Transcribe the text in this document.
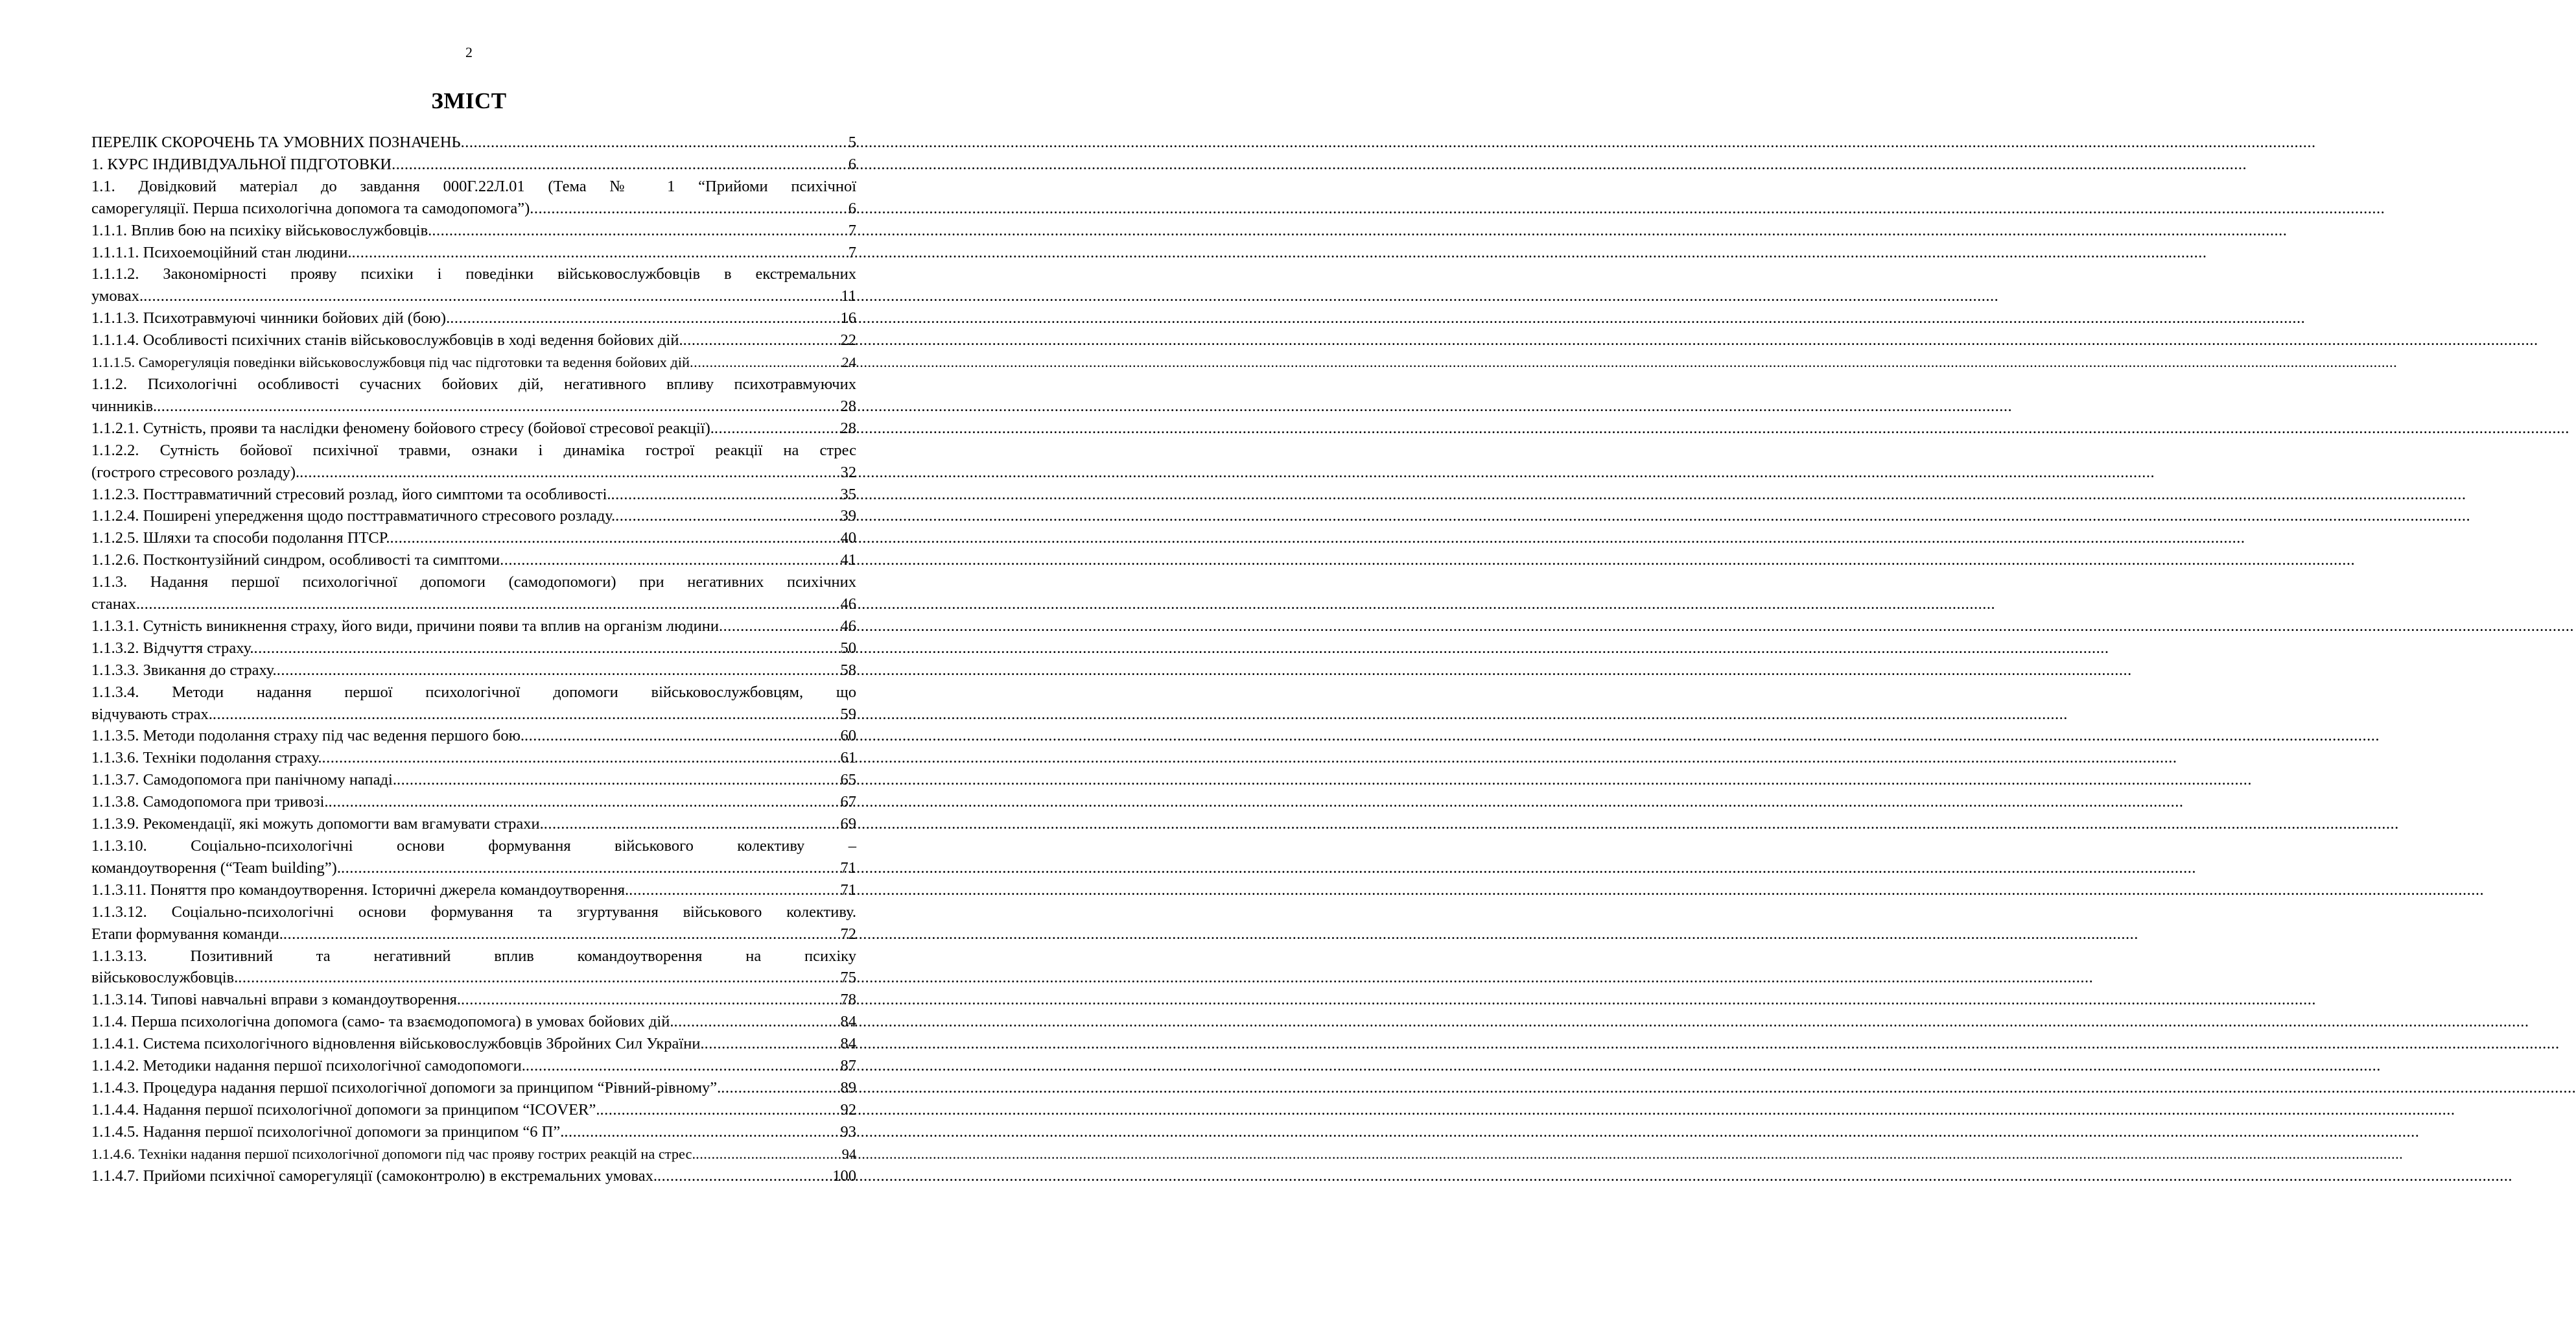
2
ЗМІСТ
ПЕРЕЛІК СКОРОЧЕНЬ ТА УМОВНИХ ПОЗНАЧЕНЬ .....	5
1. КУРС ІНДИВІДУАЛЬНОЇ ПІДГОТОВКИ .....	6
1.1. Довідковий матеріал до завдання 000Г.22Л.01 (Тема № 1 “Прийоми психічної
саморегуляції. Перша психологічна допомога та самодопомога”) .....	6
1.1.1. Вплив бою на психіку військовослужбовців. .....	7
1.1.1.1. Психоемоційний стан людини. .....	7
1.1.1.2. Закономірності прояву психіки і поведінки військовослужбовців в екстремальних
умовах. .....	11
1.1.1.3. Психотравмуючі чинники бойових дій (бою). .....	16
1.1.1.4. Особливості психічних станів військовослужбовців в ході ведення бойових дій. .....	22
1.1.1.5. Саморегуляція поведінки військовослужбовця під час підготовки та ведення бойових дій .....	24
1.1.2. Психологічні особливості сучасних бойових дій, негативного впливу психотравмуючих
чинників. .....	28
1.1.2.1. Сутність, прояви та наслідки феномену бойового стресу (бойової стресової реакції). .....	28
1.1.2.2. Сутність бойової психічної травми, ознаки і динаміка гострої реакції на стрес
(гострого стресового розладу). .....	32
1.1.2.3. Посттравматичний стресовий розлад, його симптоми та особливості. .....	35
1.1.2.4. Поширені упередження щодо посттравматичного стресового розладу. .....	39
1.1.2.5. Шляхи та способи подолання ПТСР. .....	40
1.1.2.6. Постконтузійний синдром, особливості та симптоми .....	41
1.1.3. Надання першої психологічної допомоги (самодопомоги) при негативних психічних
станах. .....	46
1.1.3.1. Сутність виникнення страху, його види, причини появи та вплив на організм людини .....	46
1.1.3.2. Відчуття страху. .....	50
1.1.3.3. Звикання до страху. .....	58
1.1.3.4. Методи надання першої психологічної допомоги військовослужбовцям, що
відчувають страх. .....	59
1.1.3.5. Методи подолання страху під час ведення першого бою. .....	60
1.1.3.6. Техніки подолання страху. .....	61
1.1.3.7. Самодопомога при панічному нападі. .....	65
1.1.3.8. Самодопомога при тривозі. .....	67
1.1.3.9. Рекомендації, які можуть допомогти вам вгамувати страхи. .....	69
1.1.3.10. Соціально-психологічні основи формування військового колективу –
командоутворення (“Team building”). .....	71
1.1.3.11. Поняття про командоутворення. Історичні джерела командоутворення. .....	71
1.1.3.12. Соціально-психологічні основи формування та згуртування військового колективу.
Етапи формування команди. .....	72
1.1.3.13. Позитивний та негативний вплив командоутворення на психіку
військовослужбовців. .....	75
1.1.3.14. Типові навчальні вправи з командоутворення. .....	78
1.1.4. Перша психологічна допомога (само- та взаємодопомога) в умовах бойових дій. .....	84
1.1.4.1. Система психологічного відновлення військовослужбовців Збройних Сил України. .....	84
1.1.4.2. Методики надання першої психологічної самодопомоги. .....	87
1.1.4.3. Процедура надання першої психологічної допомоги за принципом “Рівний-рівному”. .....	89
1.1.4.4. Надання першої психологічної допомоги за принципом “ICOVER”. .....	92
1.1.4.5. Надання першої психологічної допомоги за принципом “6 П”. .....	93
1.1.4.6. Техніки надання першої психологічної допомоги під час прояву гострих реакцій на стрес. .....	94
1.1.4.7. Прийоми психічної саморегуляції (самоконтролю) в екстремальних умовах. .....	100
